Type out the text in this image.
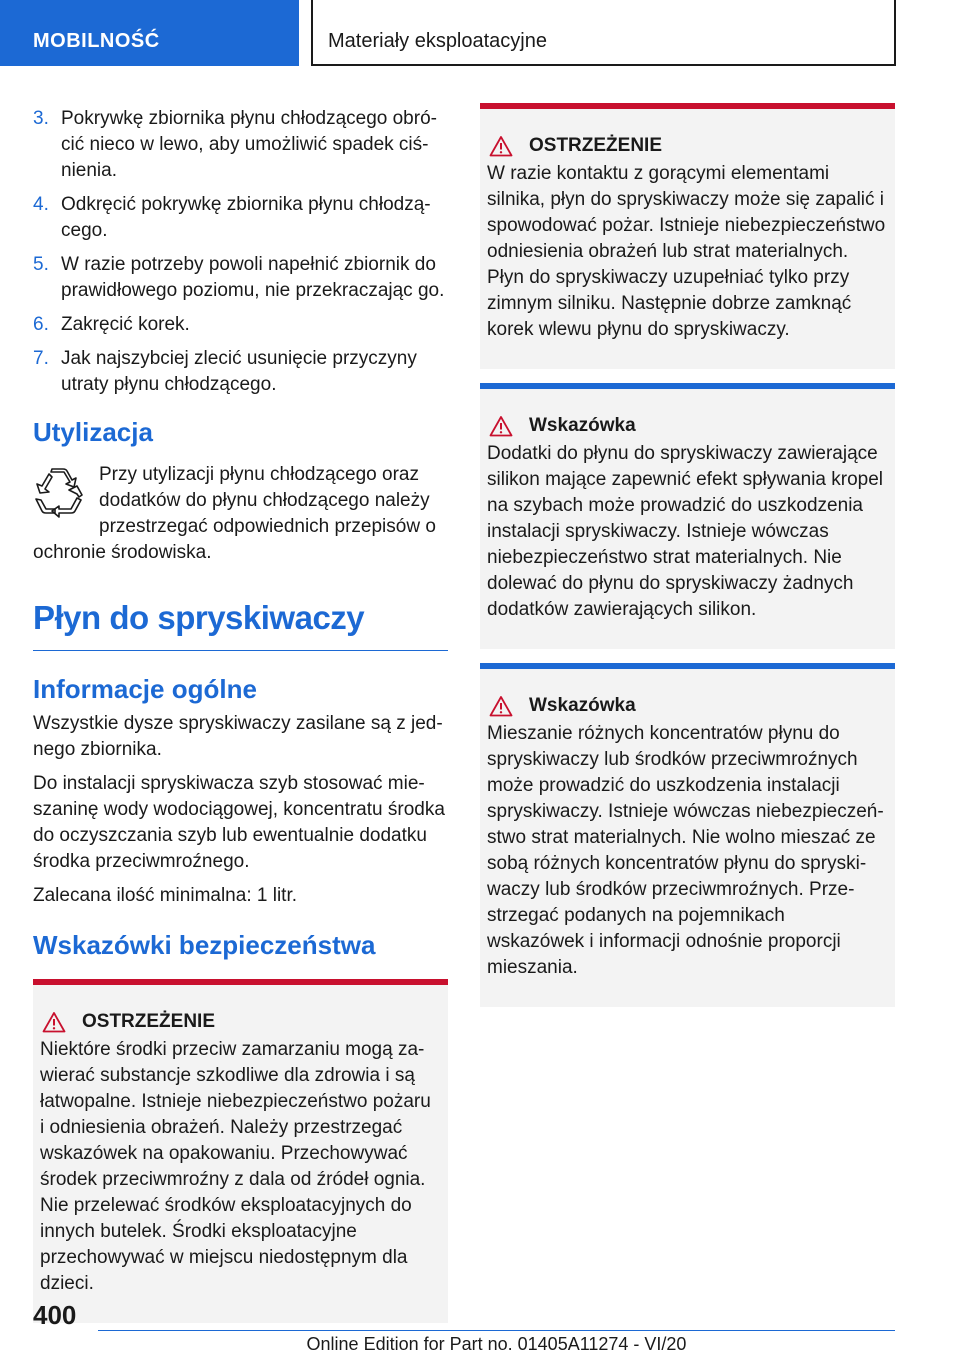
MOBILNOŚĆ	Materiały eksploatacyjne
3. Pokrywkę zbiornika płynu chłodzącego obrócić nieco w lewo, aby umożliwić spadek ciśnienia.
4. Odkręcić pokrywkę zbiornika płynu chłodzącego.
5. W razie potrzeby powoli napełnić zbiornik do prawidłowego poziomu, nie przekraczając go.
6. Zakręcić korek.
7. Jak najszybciej zlecić usunięcie przyczyny utraty płynu chłodzącego.
Utylizacja
Przy utylizacji płynu chłodzącego oraz dodatków do płynu chłodzącego należy przestrzegać odpowiednich przepisów o ochronie środowiska.
Płyn do spryskiwaczy
Informacje ogólne

Wszystkie dysze spryskiwaczy zasilane są z jednego zbiornika.

Do instalacji spryskiwacza szyb stosować mieszaninę wody wodociągowej, koncentratu środka do oczyszczania szyb lub ewentualnie dodatku środka przeciwmroźnego.

Zalecana ilość minimalna: 1 litr.

Wskazówki bezpieczeństwa
OSTRZEŻENIE
Niektóre środki przeciw zamarzaniu mogą zawierać substancje szkodliwe dla zdrowia i są łatwopalne. Istnieje niebezpieczeństwo pożaru i odniesienia obrażeń. Należy przestrzegać wskazówek na opakowaniu. Przechowywać środek przeciwmroźny z dala od źródeł ognia. Nie przelewać środków eksploatacyjnych do innych butelek. Środki eksploatacyjne przechowywać w miejscu niedostępnym dla dzieci.
OSTRZEŻENIE
W razie kontaktu z gorącymi elementami silnika, płyn do spryskiwaczy może się zapalić i spowodować pożar. Istnieje niebezpieczeństwo odniesienia obrażeń lub strat materialnych. Płyn do spryskiwaczy uzupełniać tylko przy zimnym silniku. Następnie dobrze zamknąć korek wlewu płynu do spryskiwaczy.
Wskazówka
Dodatki do płynu do spryskiwaczy zawierające silikon mające zapewnić efekt spływania kropel na szybach może prowadzić do uszkodzenia instalacji spryskiwaczy. Istnieje wówczas niebezpieczeństwo strat materialnych. Nie dolewać do płynu do spryskiwaczy żadnych dodatków zawierających silikon.
Wskazówka
Mieszanie różnych koncentratów płynu do spryskiwaczy lub środków przeciwmroźnych może prowadzić do uszkodzenia instalacji spryskiwaczy. Istnieje wówczas niebezpieczeństwo strat materialnych. Nie wolno mieszać ze sobą różnych koncentratów płynu do spryskiwaczy lub środków przeciwmroźnych. Przestrzegać podanych na pojemnikach wskazówek i informacji odnośnie proporcji mieszania.
400
Online Edition for Part no. 01405A11274 - VI/20
